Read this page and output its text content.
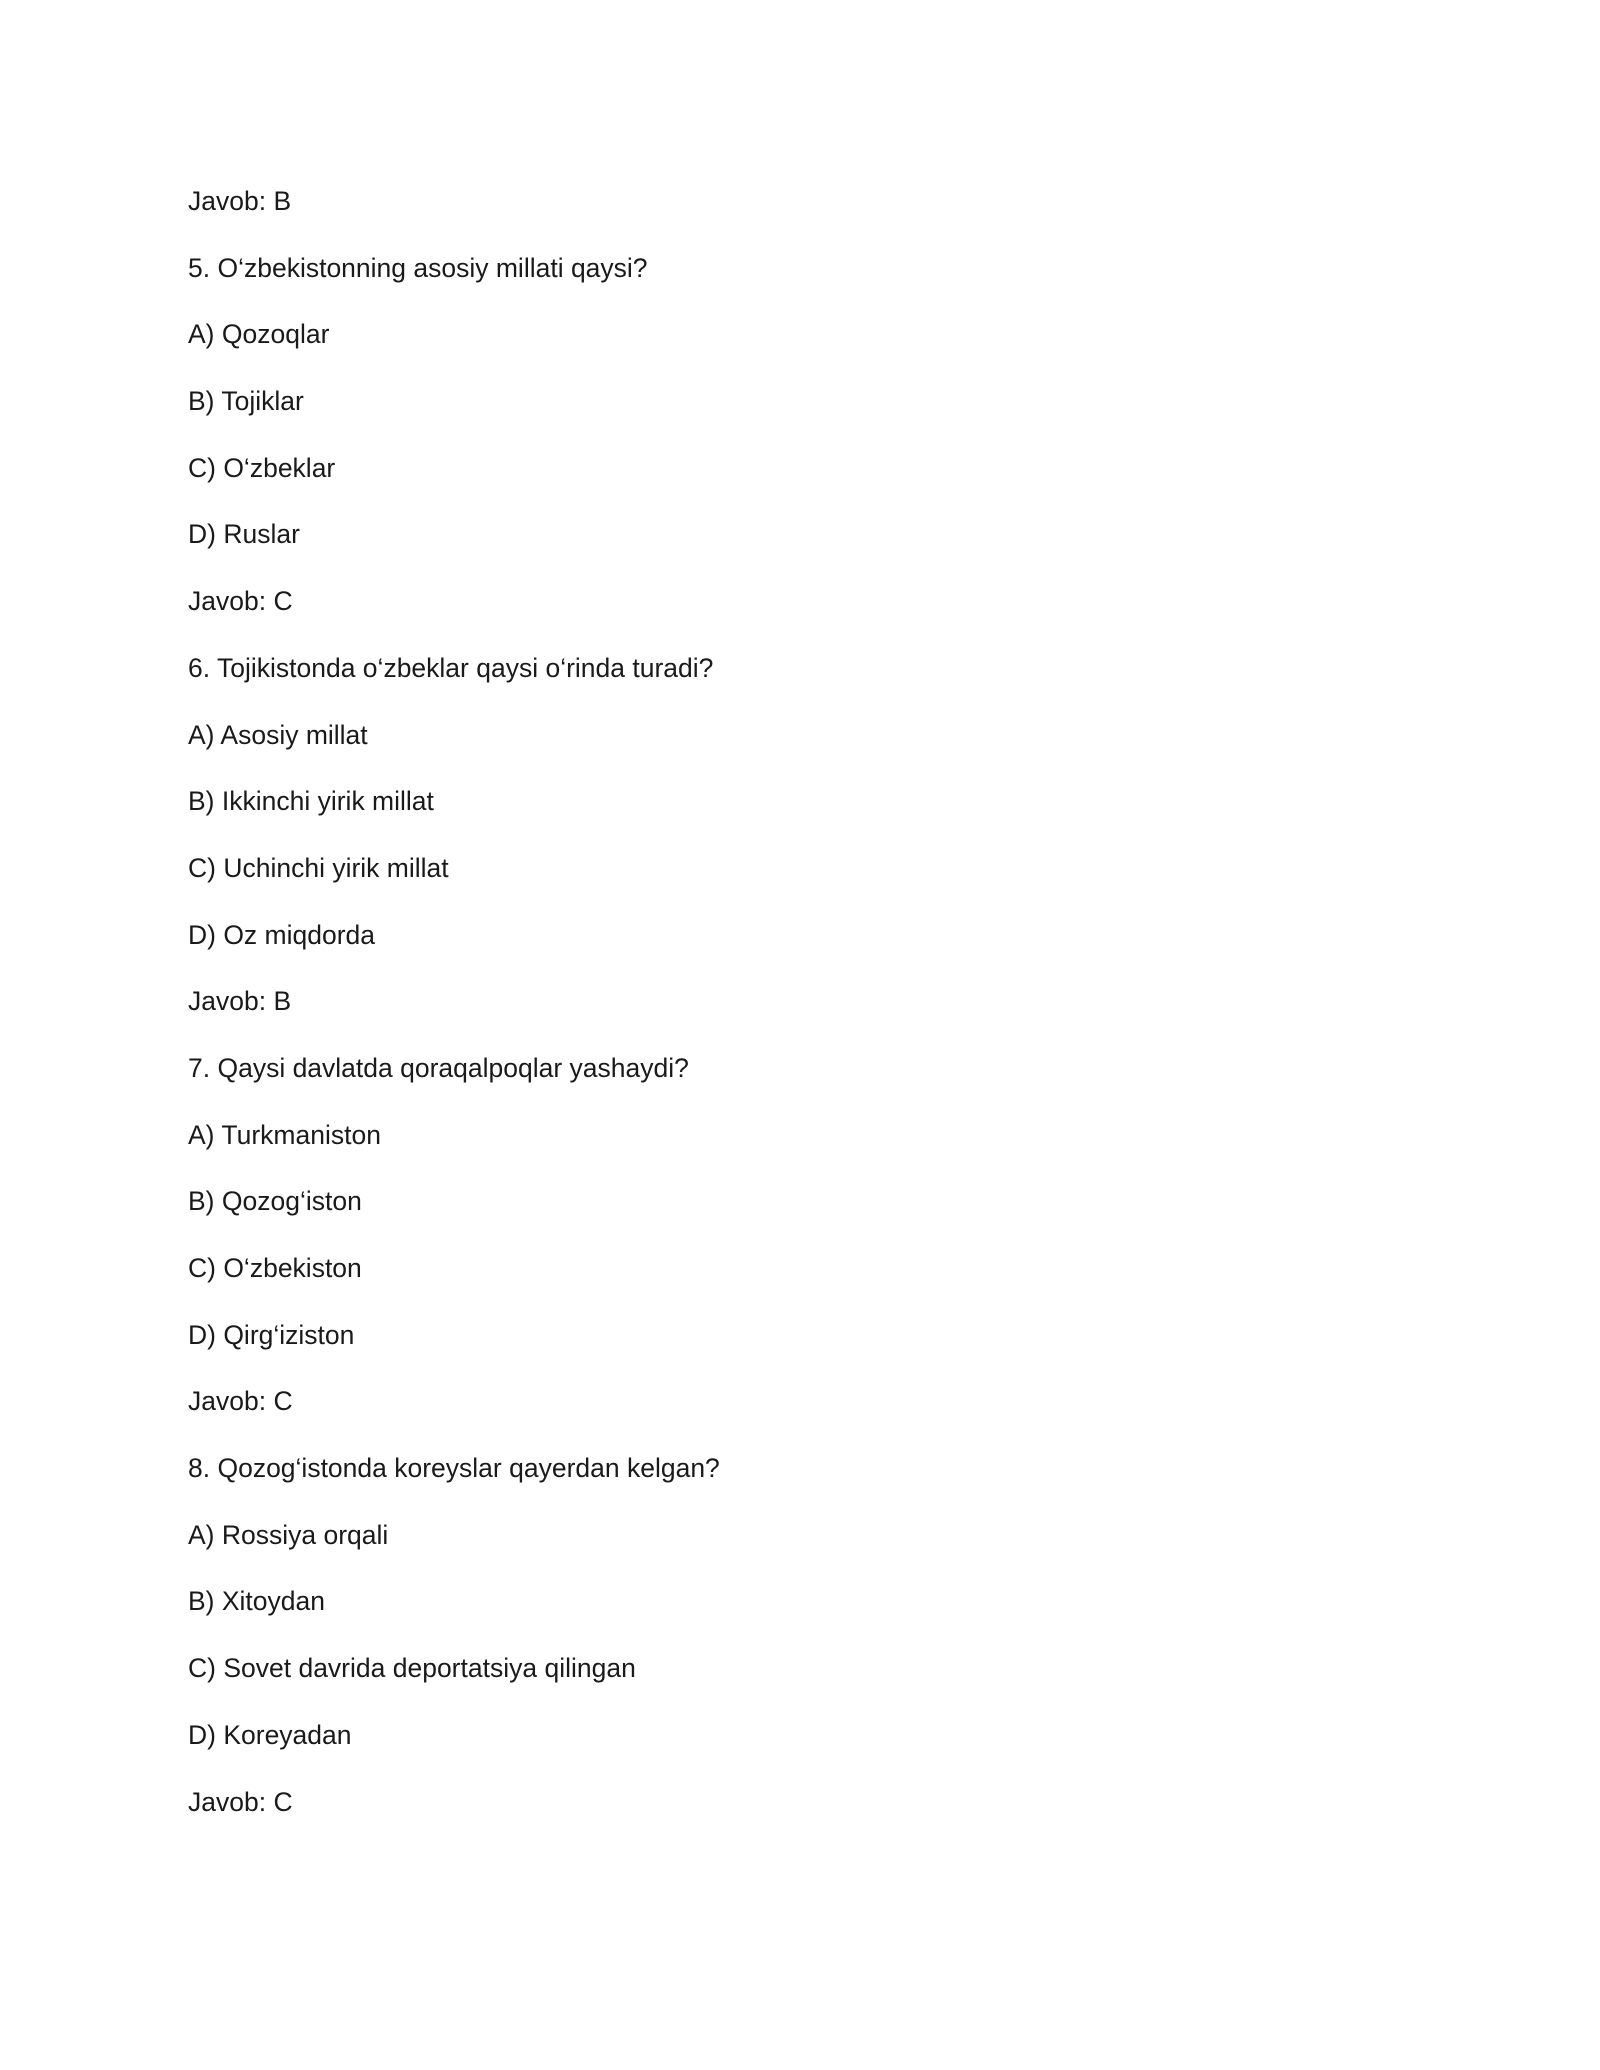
Javob: B
5. O‘zbekistonning asosiy millati qaysi?
A) Qozoqlar
B) Tojiklar
C) O‘zbeklar
D) Ruslar
Javob: C
6. Tojikistonda o‘zbeklar qaysi o‘rinda turadi?
A) Asosiy millat
B) Ikkinchi yirik millat
C) Uchinchi yirik millat
D) Oz miqdorda
Javob: B
7. Qaysi davlatda qoraqalpoqlar yashaydi?
A) Turkmaniston
B) Qozog‘iston
C) O‘zbekiston
D) Qirg‘iziston
Javob: C
8. Qozog‘istonda koreyslar qayerdan kelgan?
A) Rossiya orqali
B) Xitoydan
C) Sovet davrida deportatsiya qilingan
D) Koreyadan
Javob: C
